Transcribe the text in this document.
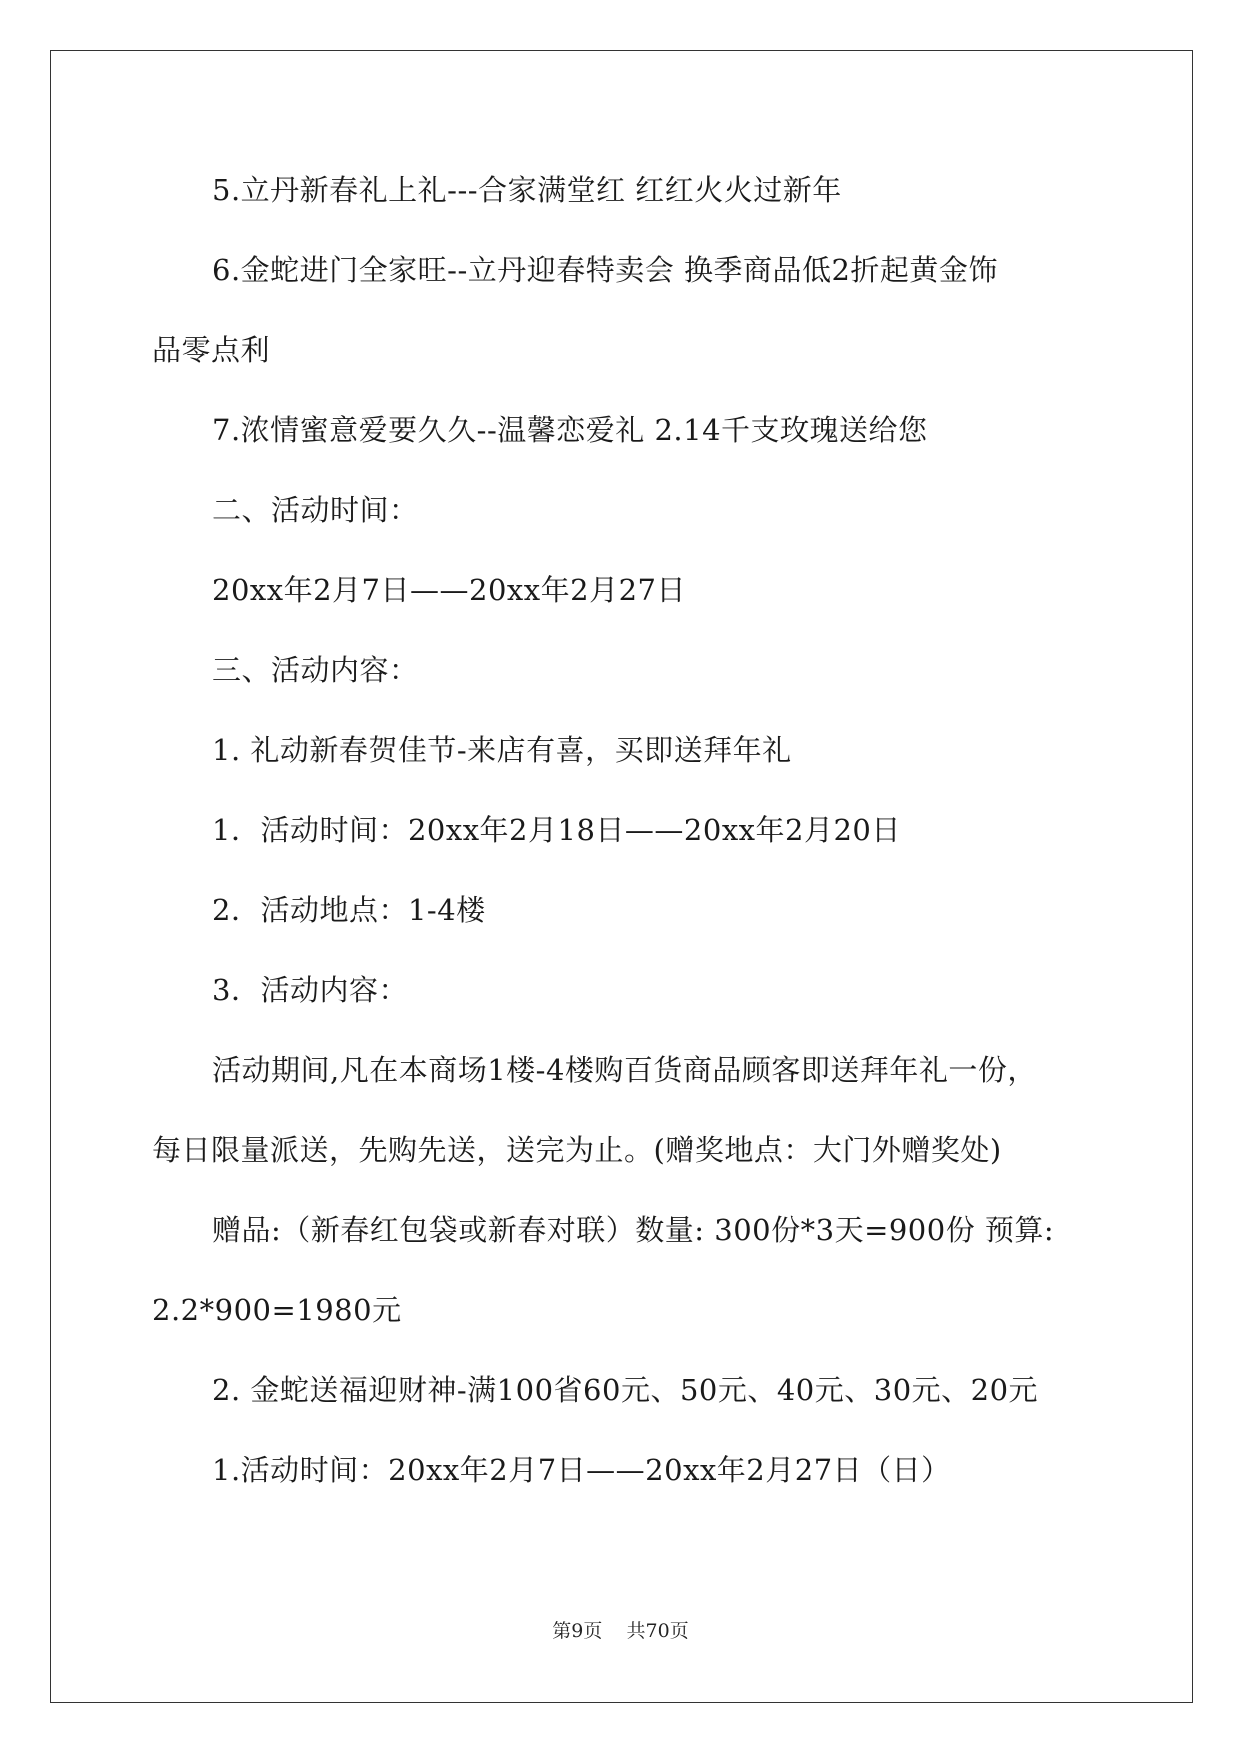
5.立丹新春礼上礼---合家满堂红 红红火火过新年
6.金蛇进门全家旺--立丹迎春特卖会 换季商品低2折起黄金饰
品零点利
7.浓情蜜意爱要久久--温馨恋爱礼 2.14千支玫瑰送给您
二、活动时间：
20xx年2月7日——20xx年2月27日
三、活动内容：
1. 礼动新春贺佳节-来店有喜，买即送拜年礼
1．活动时间：20xx年2月18日——20xx年2月20日
2．活动地点：1-4楼
3．活动内容：
活动期间,凡在本商场1楼-4楼购百货商品顾客即送拜年礼一份，
每日限量派送，先购先送，送完为止。(赠奖地点：大门外赠奖处)
赠品:（新春红包袋或新春对联）数量: 300份*3天=900份 预算:
2.2*900=1980元
2. 金蛇送福迎财神-满100省60元、50元、40元、30元、20元
1.活动时间：20xx年2月7日——20xx年2月27日（日）
第9页 共70页
